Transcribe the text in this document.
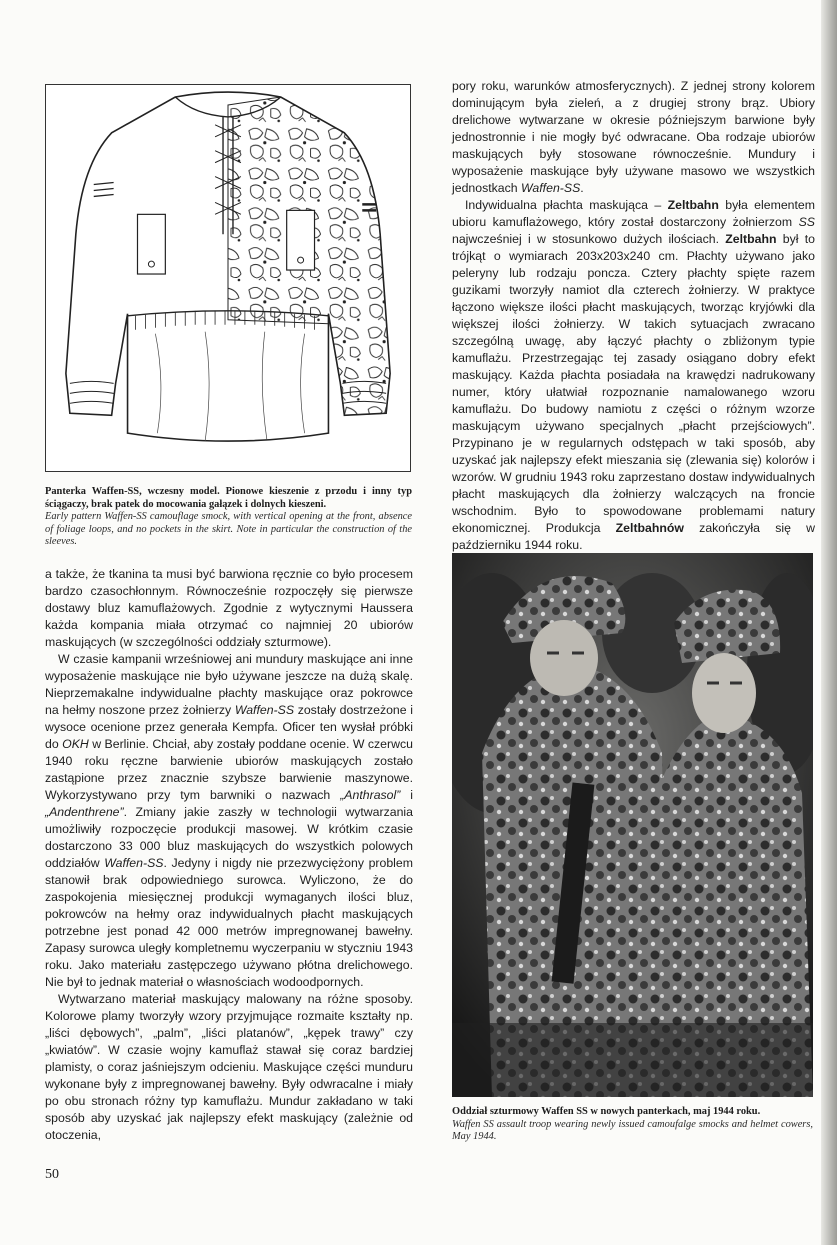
Panterka Waffen-SS, wczesny model. Pionowe kieszenie z przodu i inny typ ściągaczy, brak patek do mocowania gałązek i dolnych kieszeni.
Early pattern Waffen-SS camouflage smock, with vertical opening at the front, absence of foliage loops, and no pockets in the skirt. Note in particular the construction of the sleeves.

a także, że tkanina ta musi być barwiona ręcznie co było procesem bardzo czasochłonnym. Równocześnie rozpoczęły się pierwsze dostawy bluz kamuflażowych. Zgodnie z wytycznymi Haussera każda kompania miała otrzymać co najmniej 20 ubiorów maskujących (w szczególności oddziały szturmowe).

W czasie kampanii wrześniowej ani mundury maskujące ani inne wyposażenie maskujące nie było używane jeszcze na dużą skalę. Nieprzemakalne indywidualne płachty maskujące oraz pokrowce na hełmy noszone przez żołnierzy Waffen-SS zostały dostrzeżone i wysoce ocenione przez generała Kempfa. Oficer ten wysłał próbki do OKH w Berlinie. Chciał, aby zostały poddane ocenie. W czerwcu 1940 roku ręczne barwienie ubiorów maskujących zostało zastąpione przez znacznie szybsze barwienie maszynowe. Wykorzystywano przy tym barwniki o nazwach „Anthrasol” i „Andenthrene”. Zmiany jakie zaszły w technologii wytwarzania umożliwiły rozpoczęcie produkcji masowej. W krótkim czasie dostarczono 33 000 bluz maskujących do wszystkich polowych oddziałów Waffen-SS. Jedyny i nigdy nie przezwyciężony problem stanowił brak odpowiedniego surowca. Wyliczono, że do zaspokojenia miesięcznej produkcji wymaganych ilości bluz, pokrowców na hełmy oraz indywidualnych płacht maskujących potrzebne jest ponad 42 000 metrów impregnowanej bawełny. Zapasy surowca uległy kompletnemu wyczerpaniu w styczniu 1943 roku. Jako materiału zastępczego używano płótna drelichowego. Nie był to jednak materiał o własnościach wodoodpornych.

Wytwarzano materiał maskujący malowany na różne sposoby. Kolorowe plamy tworzyły wzory przyjmujące rozmaite kształty np. „liści dębowych”, „palm”, „liści platanów”, „kępek trawy” czy „kwiatów”. W czasie wojny kamuflaż stawał się coraz bardziej plamisty, o coraz jaśniejszym odcieniu. Maskujące części munduru wykonane były z impregnowanej bawełny. Były odwracalne i miały po obu stronach różny typ kamuflażu. Mundur zakładano w taki sposób aby uzyskać jak najlepszy efekt maskujący (zależnie od otoczenia,

pory roku, warunków atmosferycznych). Z jednej strony kolorem dominującym była zieleń, a z drugiej strony brąz. Ubiory drelichowe wytwarzane w okresie późniejszym barwione były jednostronnie i nie mogły być odwracane. Oba rodzaje ubiorów maskujących były stosowane równocześnie. Mundury i wyposażenie maskujące były używane masowo we wszystkich jednostkach Waffen-SS.

Indywidualna płachta maskująca – Zeltbahn była elementem ubioru kamuflażowego, który został dostarczony żołnierzom SS najwcześniej i w stosunkowo dużych ilościach. Zeltbahn był to trójkąt o wymiarach 203x203x240 cm. Płachty używano jako peleryny lub rodzaju poncza. Cztery płachty spięte razem guzikami tworzyły namiot dla czterech żołnierzy. W praktyce łączono większe ilości płacht maskujących, tworząc kryjówki dla większej ilości żołnierzy. W takich sytuacjach zwracano szczególną uwagę, aby łączyć płachty o zbliżonym typie kamuflażu. Przestrzegając tej zasady osiągano dobry efekt maskujący. Każda płachta posiadała na krawędzi nadrukowany numer, który ułatwiał rozpoznanie namalowanego wzoru kamuflażu. Do budowy namiotu z części o różnym wzorze maskującym używano specjalnych „płacht przejściowych”. Przypinano je w regularnych odstępach w taki sposób, aby uzyskać jak najlepszy efekt mieszania się (zlewania się) kolorów i wzorów. W grudniu 1943 roku zaprzestano dostaw indywidualnych płacht maskujących dla żołnierzy walczących na froncie wschodnim. Było to spowodowane problemami natury ekonomicznej. Produkcja Zeltbahnów zakończyła się w październiku 1944 roku.

Oddział szturmowy Waffen SS w nowych panterkach, maj 1944 roku.
Waffen SS assault troop wearing newly issued camoufalge smocks and helmet cowers, May 1944.
50
